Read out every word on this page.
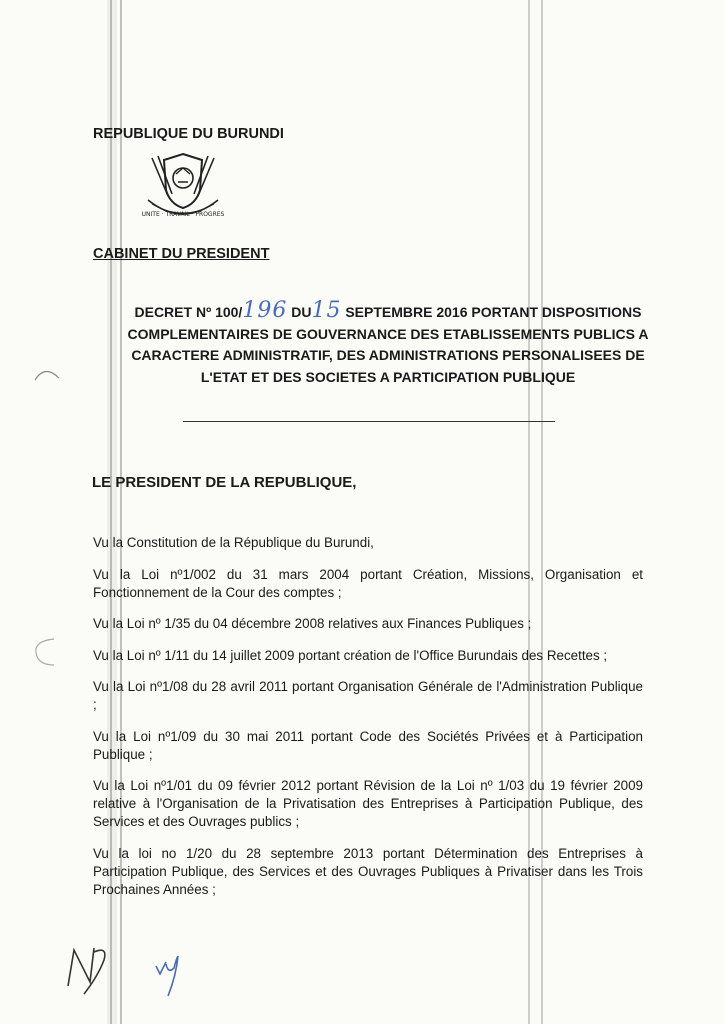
REPUBLIQUE DU BURUNDI
UNITE · TRAVAIL · PROGRES
CABINET DU PRESIDENT
DECRET Nº 100/196 DU15 SEPTEMBRE 2016 PORTANT DISPOSITIONS
COMPLEMENTAIRES DE GOUVERNANCE DES ETABLISSEMENTS PUBLICS A
CARACTERE ADMINISTRATIF, DES ADMINISTRATIONS PERSONALISEES DE
L'ETAT ET DES SOCIETES A PARTICIPATION PUBLIQUE
LE PRESIDENT DE LA REPUBLIQUE,
Vu la Constitution de la République du Burundi,
Vu la Loi nº1/002 du 31 mars 2004 portant Création, Missions, Organisation et Fonctionnement de la Cour des comptes ;
Vu la Loi nº 1/35 du 04 décembre 2008 relatives aux Finances Publiques ;
Vu la Loi nº 1/11 du 14 juillet 2009 portant création de l'Office Burundais des Recettes ;
Vu la Loi nº1/08 du 28 avril 2011 portant Organisation Générale de l'Administration Publique ;
Vu la Loi nº1/09 du 30 mai 2011 portant Code des Sociétés Privées et à Participation Publique ;
Vu la Loi nº1/01 du 09 février 2012 portant Révision de la Loi nº 1/03 du 19 février 2009 relative à l'Organisation de la Privatisation des Entreprises à Participation Publique, des Services et des Ouvrages publics ;
Vu la loi no 1/20 du 28 septembre 2013 portant Détermination des Entreprises à Participation Publique, des Services et des Ouvrages Publiques à Privatiser dans les Trois Prochaines Années ;
